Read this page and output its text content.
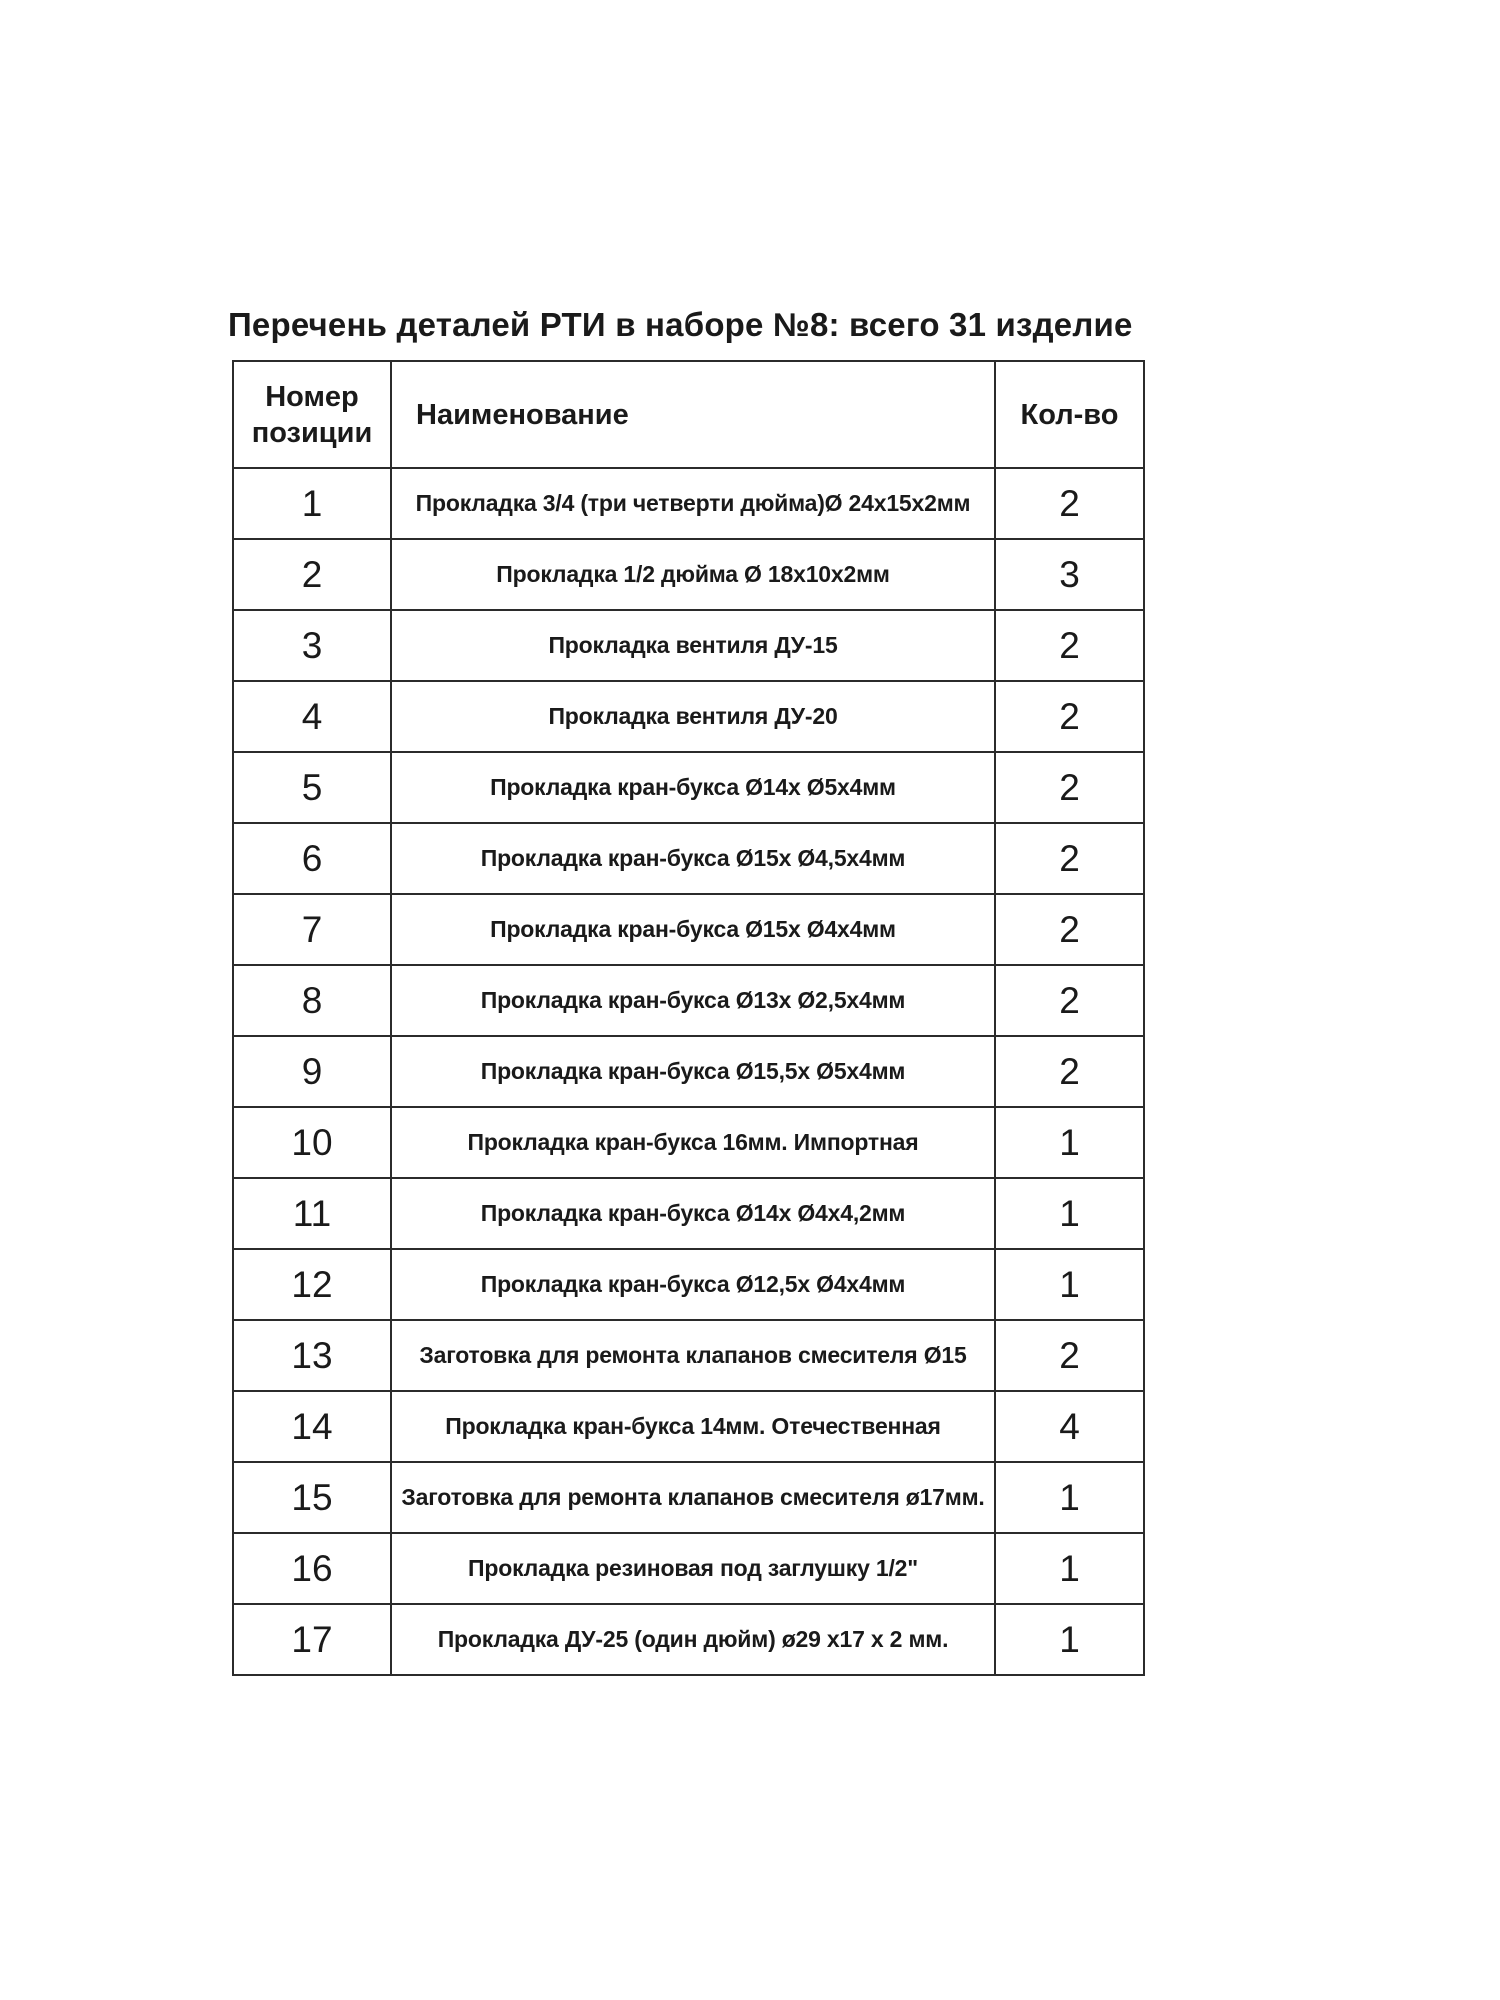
Перечень деталей РТИ в наборе №8: всего 31 изделие
Номер
позиции	Наименование	Кол-во
1	Прокладка 3/4 (три четверти дюйма)Ø 24х15х2мм	2
2	Прокладка 1/2 дюйма Ø 18х10х2мм	3
3	Прокладка вентиля ДУ-15	2
4	Прокладка вентиля ДУ-20	2
5	Прокладка кран-букса Ø14х Ø5х4мм	2
6	Прокладка кран-букса Ø15х Ø4,5х4мм	2
7	Прокладка кран-букса Ø15х Ø4х4мм	2
8	Прокладка кран-букса Ø13х Ø2,5х4мм	2
9	Прокладка кран-букса Ø15,5х Ø5х4мм	2
10	Прокладка кран-букса 16мм. Импортная	1
11	Прокладка кран-букса Ø14х Ø4х4,2мм	1
12	Прокладка кран-букса Ø12,5х Ø4х4мм	1
13	Заготовка для ремонта клапанов смесителя Ø15	2
14	Прокладка кран-букса 14мм. Отечественная	4
15	Заготовка для ремонта клапанов смесителя ø17мм.	1
16	Прокладка резиновая под заглушку 1/2"	1
17	Прокладка ДУ-25 (один дюйм) ø29 х17 х 2 мм.	1
